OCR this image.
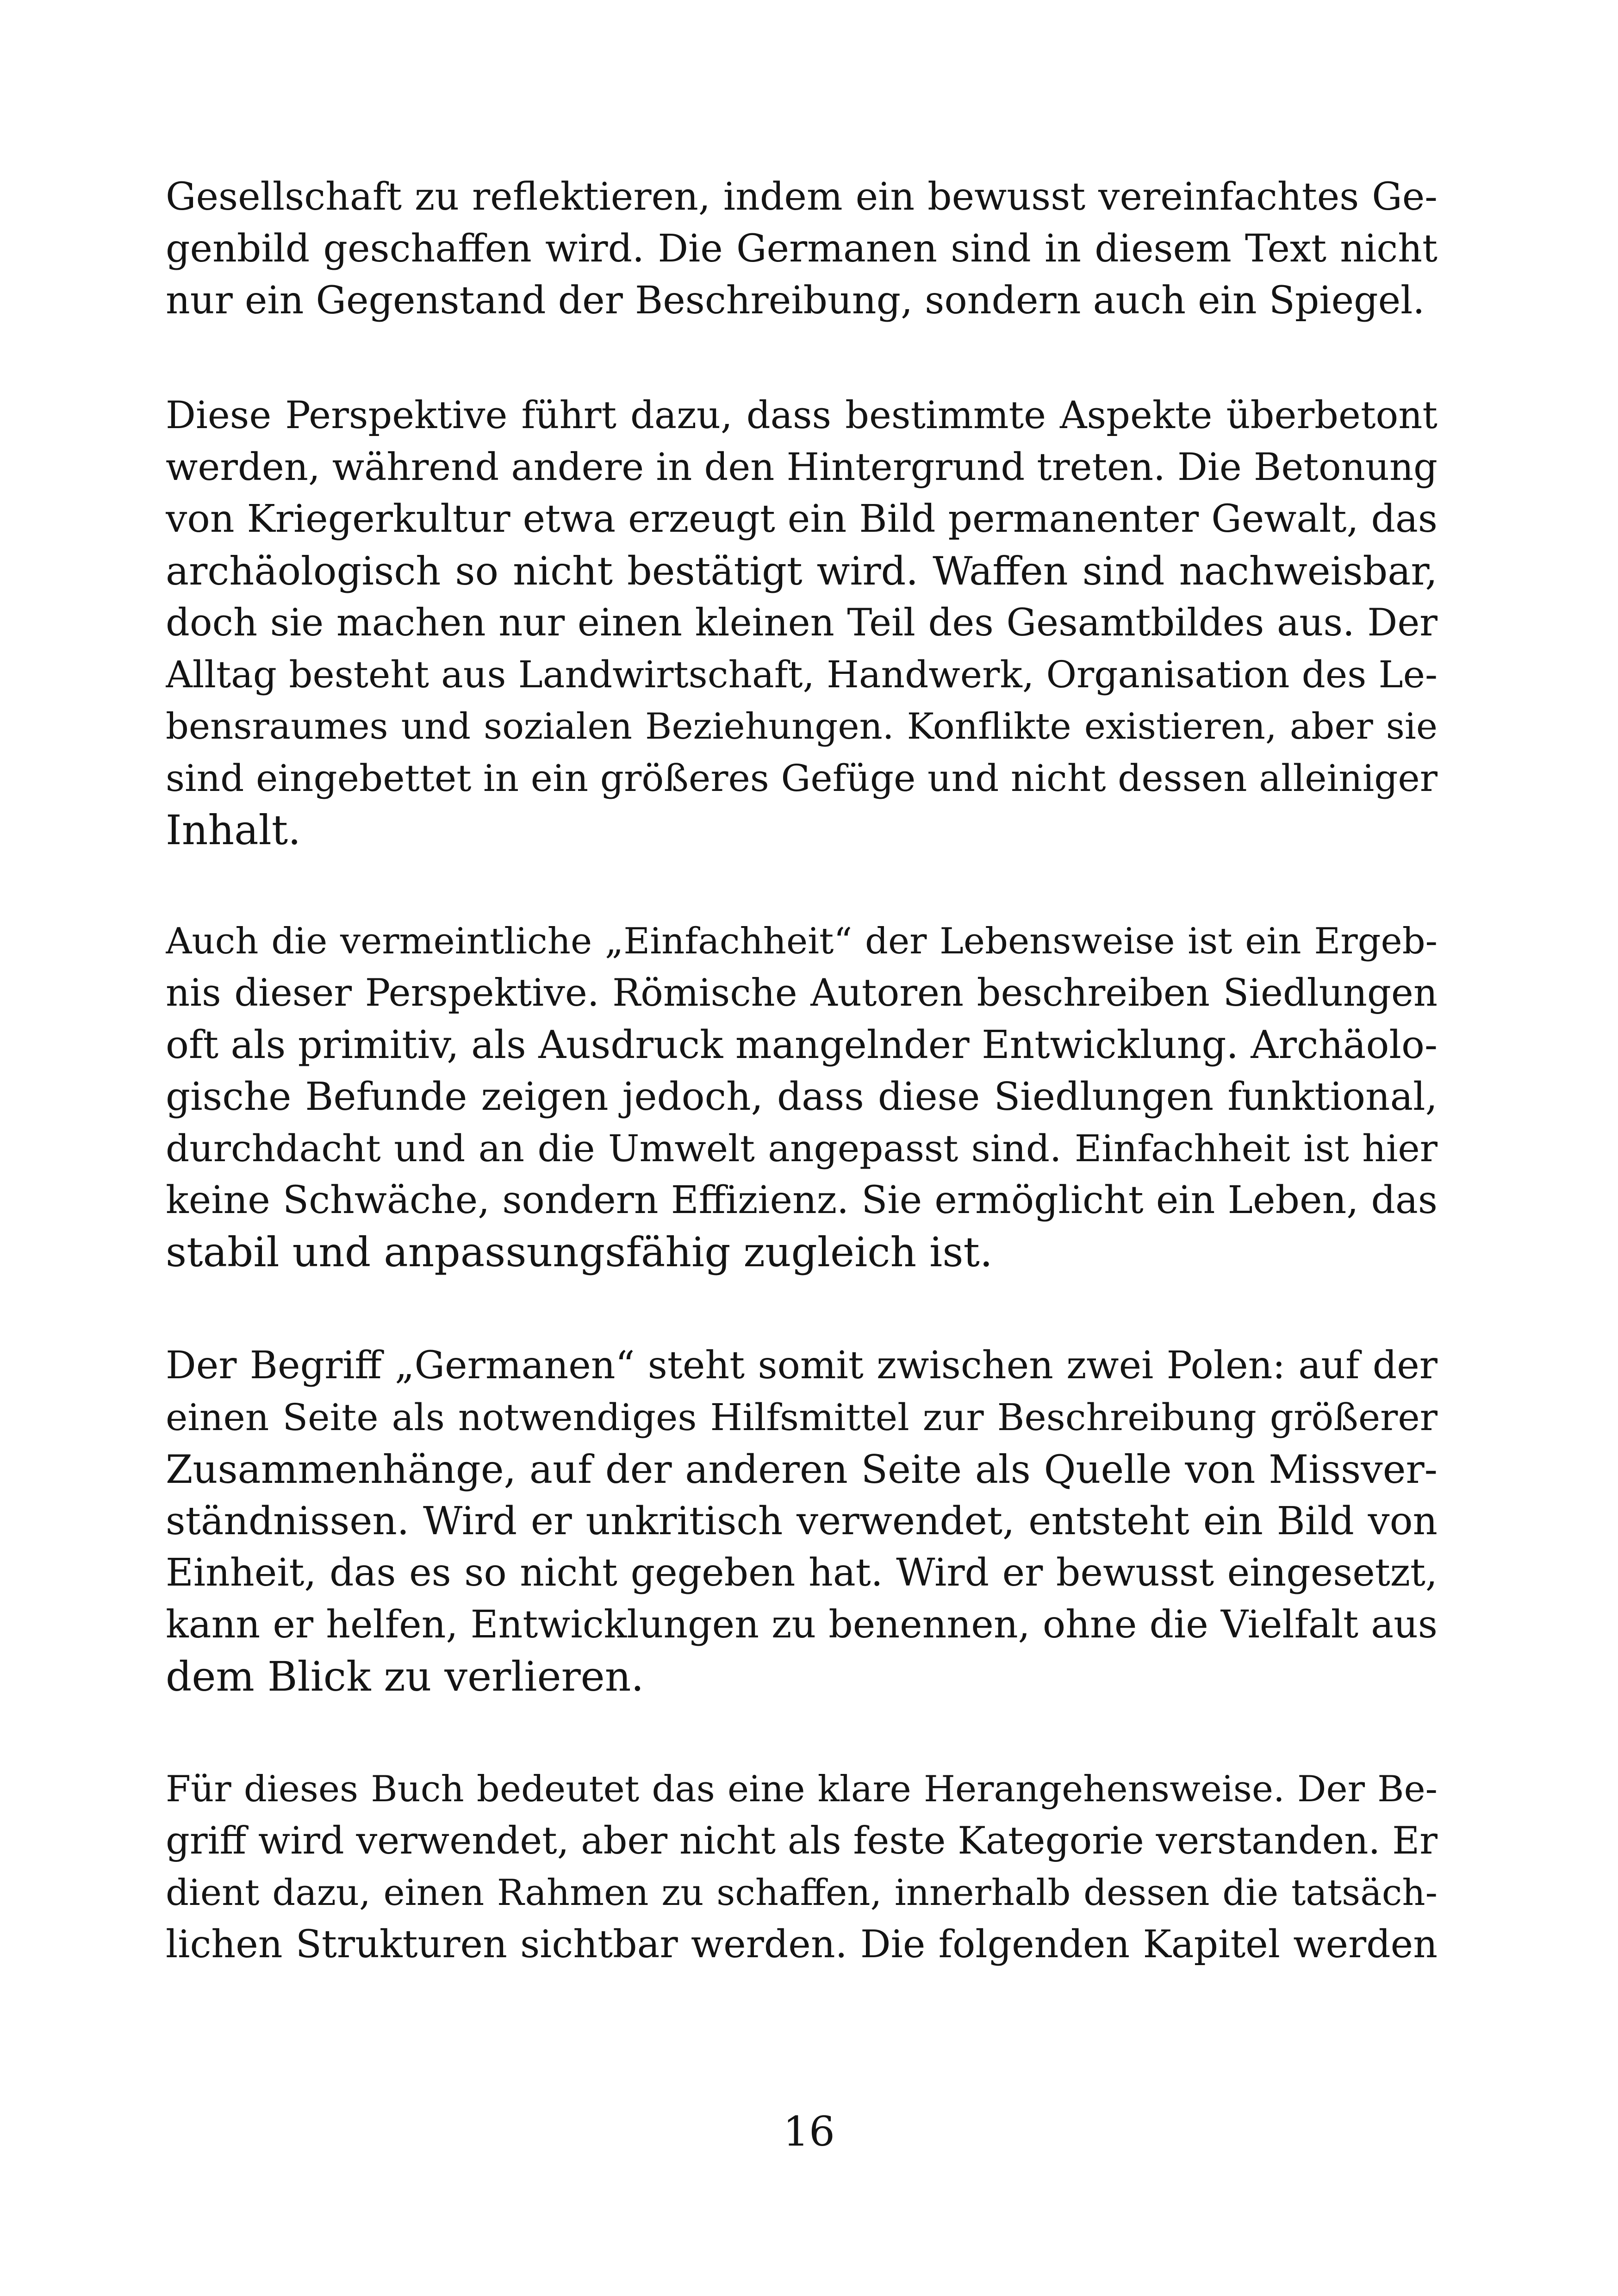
Gesellschaft zu reflektieren, indem ein bewusst vereinfachtes Ge-
genbild geschaffen wird. Die Germanen sind in diesem Text nicht
nur ein Gegenstand der Beschreibung, sondern auch ein Spiegel.
Diese Perspektive führt dazu, dass bestimmte Aspekte überbetont
werden, während andere in den Hintergrund treten. Die Betonung
von Kriegerkultur etwa erzeugt ein Bild permanenter Gewalt, das
archäologisch so nicht bestätigt wird. Waffen sind nachweisbar,
doch sie machen nur einen kleinen Teil des Gesamtbildes aus. Der
Alltag besteht aus Landwirtschaft, Handwerk, Organisation des Le-
bensraumes und sozialen Beziehungen. Konflikte existieren, aber sie
sind eingebettet in ein größeres Gefüge und nicht dessen alleiniger
Inhalt.
Auch die vermeintliche „Einfachheit“ der Lebensweise ist ein Ergeb-
nis dieser Perspektive. Römische Autoren beschreiben Siedlungen
oft als primitiv, als Ausdruck mangelnder Entwicklung. Archäolo-
gische Befunde zeigen jedoch, dass diese Siedlungen funktional,
durchdacht und an die Umwelt angepasst sind. Einfachheit ist hier
keine Schwäche, sondern Effizienz. Sie ermöglicht ein Leben, das
stabil und anpassungsfähig zugleich ist.
Der Begriff „Germanen“ steht somit zwischen zwei Polen: auf der
einen Seite als notwendiges Hilfsmittel zur Beschreibung größerer
Zusammenhänge, auf der anderen Seite als Quelle von Missver-
ständnissen. Wird er unkritisch verwendet, entsteht ein Bild von
Einheit, das es so nicht gegeben hat. Wird er bewusst eingesetzt,
kann er helfen, Entwicklungen zu benennen, ohne die Vielfalt aus
dem Blick zu verlieren.
Für dieses Buch bedeutet das eine klare Herangehensweise. Der Be-
griff wird verwendet, aber nicht als feste Kategorie verstanden. Er
dient dazu, einen Rahmen zu schaffen, innerhalb dessen die tatsäch-
lichen Strukturen sichtbar werden. Die folgenden Kapitel werden
16
